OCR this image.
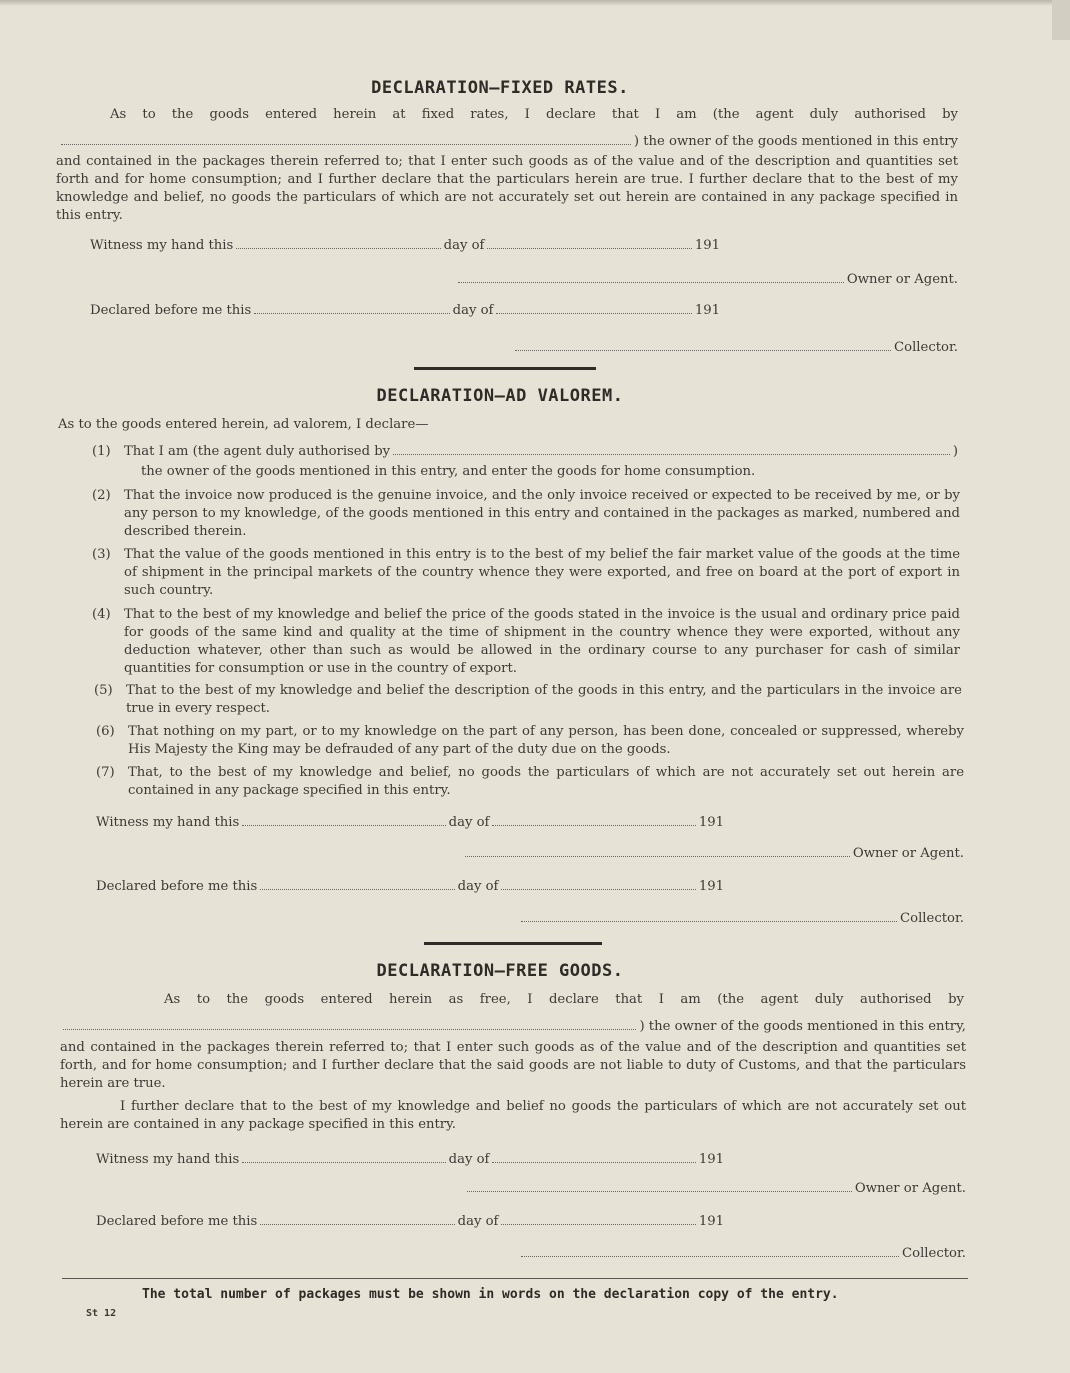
DECLARATION—FIXED RATES.
As to the goods entered herein at fixed rates, I declare that I am (the agent duly authorised by
) the owner of the goods mentioned in this entry
and contained in the packages therein referred to; that I enter such goods as of the value and of the description and quantities set forth and for home consumption; and I further declare that the particulars herein are true. I further declare that to the best of my knowledge and belief, no goods the particulars of which are not accurately set out herein are contained in any package specified in this entry.
Witness my hand this	day of	191
Owner or Agent.
Declared before me this	day of	191
Collector.
DECLARATION—AD VALOREM.
As to the goods entered herein, ad valorem, I declare—
(1)	That I am (the agent duly authorised by	)
the owner of the goods mentioned in this entry, and enter the goods for home consumption.
(2) That the invoice now produced is the genuine invoice, and the only invoice received or expected to be received by me, or by any person to my knowledge, of the goods mentioned in this entry and contained in the packages as marked, numbered and described therein.
(3) That the value of the goods mentioned in this entry is to the best of my belief the fair market value of the goods at the time of shipment in the principal markets of the country whence they were exported, and free on board at the port of export in such country.
(4) That to the best of my knowledge and belief the price of the goods stated in the invoice is the usual and ordinary price paid for goods of the same kind and quality at the time of shipment in the country whence they were exported, without any deduction whatever, other than such as would be allowed in the ordinary course to any purchaser for cash of similar quantities for consumption or use in the country of export.
(5) That to the best of my knowledge and belief the description of the goods in this entry, and the particulars in the invoice are true in every respect.
(6) That nothing on my part, or to my knowledge on the part of any person, has been done, concealed or suppressed, whereby His Majesty the King may be defrauded of any part of the duty due on the goods.
(7) That, to the best of my knowledge and belief, no goods the particulars of which are not accurately set out herein are contained in any package specified in this entry.
Witness my hand this	day of	191
Owner or Agent.
Declared before me this	day of	191
Collector.
DECLARATION—FREE GOODS.
As to the goods entered herein as free, I declare that I am (the agent duly authorised by
) the owner of the goods mentioned in this entry,
and contained in the packages therein referred to; that I enter such goods as of the value and of the description and quantities set forth, and for home consumption; and I further declare that the said goods are not liable to duty of Customs, and that the particulars herein are true.
I further declare that to the best of my knowledge and belief no goods the particulars of which are not accurately set out herein are contained in any package specified in this entry.
Witness my hand this	day of	191
Owner or Agent.
Declared before me this	day of	191
Collector.
The total number of packages must be shown in words on the declaration copy of the entry.
St 12
